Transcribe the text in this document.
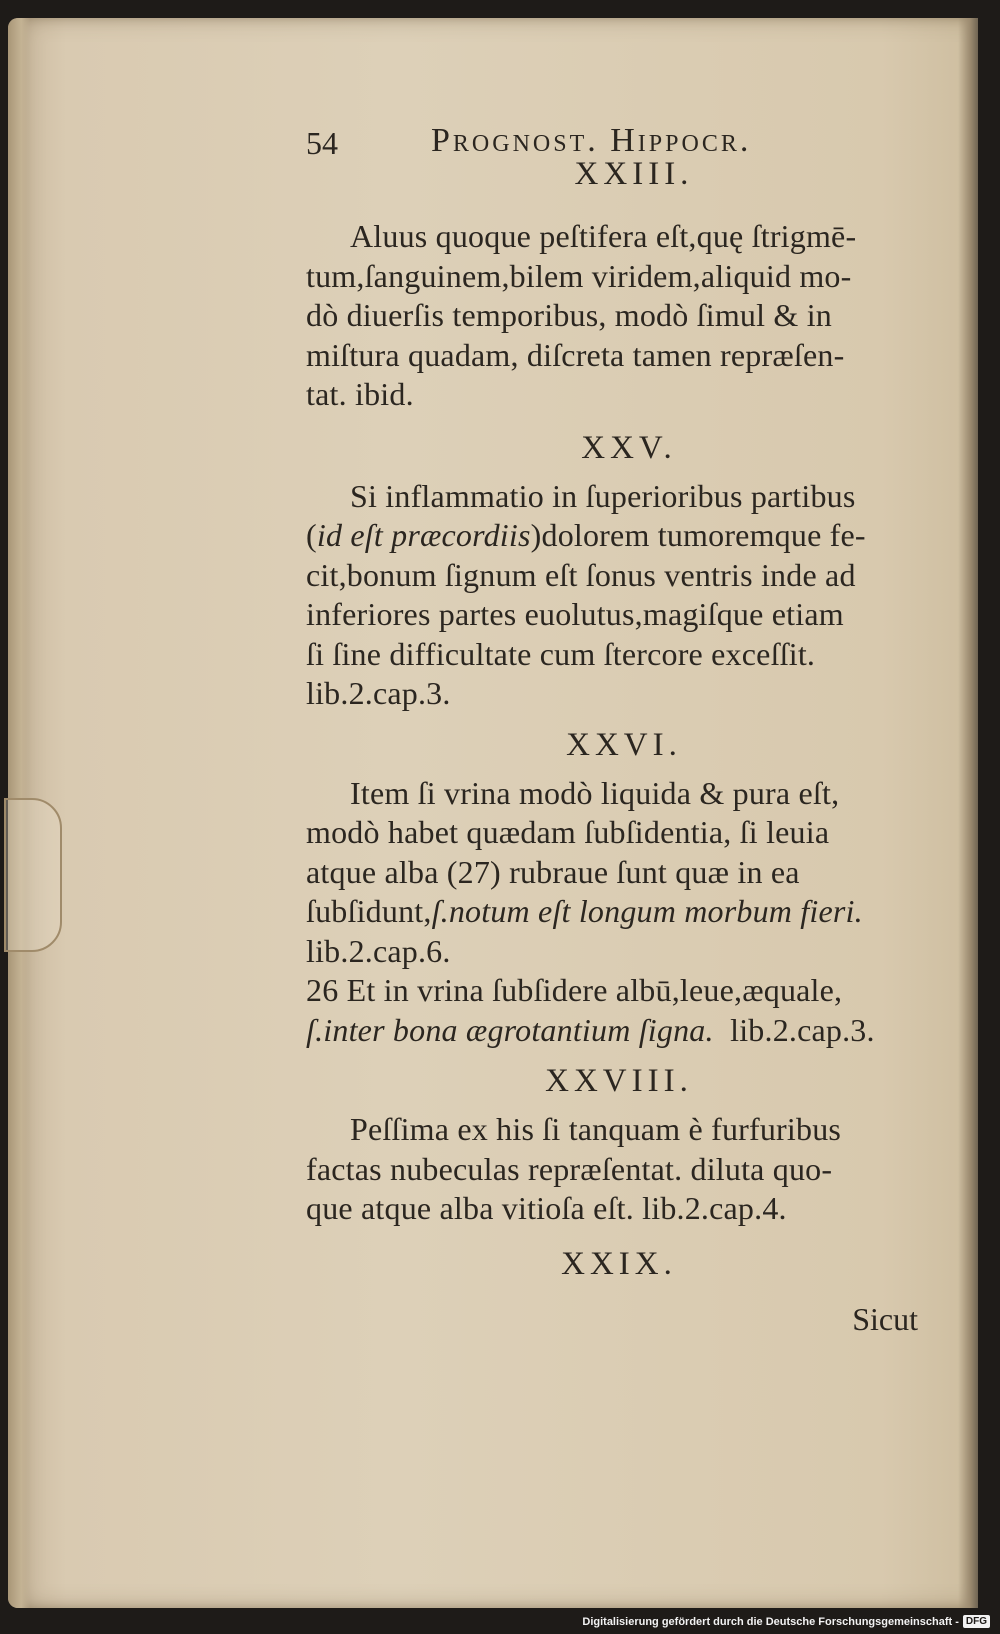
54	Prognost. Hippocr.

XXIII.

Aluus quoque peſtifera eſt,quę ſtrigmē-
tum,ſanguinem,bilem viridem,aliquid mo-
dò diuerſis temporibus, modò ſimul & in
miſtura quadam, diſcreta tamen repræſen-
tat. ibid.

XXV.

Si inflammatio in ſuperioribus partibus
(id eſt præcordiis)dolorem tumoremque fe-
cit,bonum ſignum eſt ſonus ventris inde ad
inferiores partes euolutus,magiſque etiam
ſi ſine difficultate cum ſtercore exceſſit.
lib.2.cap.3.

XXVI.

Item ſi vrina modò liquida & pura eſt,
modò habet quædam ſubſidentia, ſi leuia
atque alba (27) rubraue ſunt quæ in ea
ſubſidunt,ſ.notum eſt longum morbum fieri.
lib.2.cap.6.
26 Et in vrina ſubſidere albū,leue,æquale,
ſ.inter bona ægrotantium ſigna. lib.2.cap.3.

XXVIII.

Peſſima ex his ſi tanquam è furfuribus
factas nubeculas repræſentat. diluta quo-
que atque alba vitioſa eſt. lib.2.cap.4.

XXIX.

Sicut
Digitalisierung gefördert durch die Deutsche Forschungsgemeinschaft - DFG
